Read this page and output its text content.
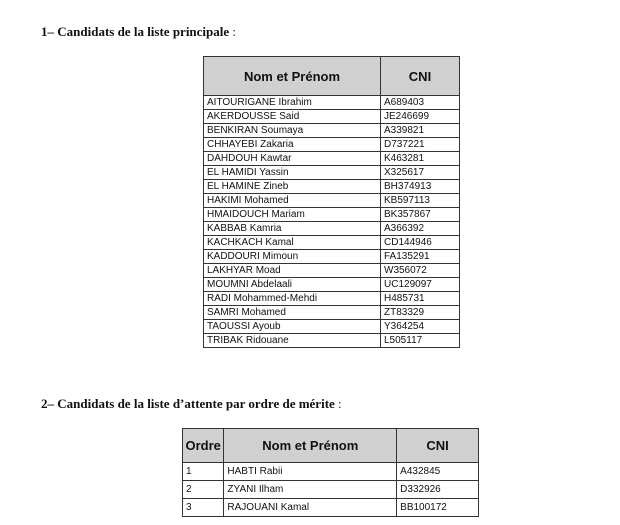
1– Candidats de la liste principale :
Nom et Prénom	CNI
AITOURIGANE Ibrahim	A689403
AKERDOUSSE Said	JE246699
BENKIRAN Soumaya	A339821
CHHAYEBI Zakaria	D737221
DAHDOUH Kawtar	K463281
EL HAMIDI Yassin	X325617
EL HAMINE Zineb	BH374913
HAKIMI Mohamed	KB597113
HMAIDOUCH Mariam	BK357867
KABBAB Kamria	A366392
KACHKACH Kamal	CD144946
KADDOURI Mimoun	FA135291
LAKHYAR Moad	W356072
MOUMNI Abdelaali	UC129097
RADI Mohammed-Mehdi	H485731
SAMRI Mohamed	ZT83329
TAOUSSI Ayoub	Y364254
TRIBAK Ridouane	L505117
2– Candidats de la liste d’attente par ordre de mérite :
Ordre	Nom et Prénom	CNI
1	HABTI Rabii	A432845
2	ZYANI Ilham	D332926
3	RAJOUANI Kamal	BB100172
